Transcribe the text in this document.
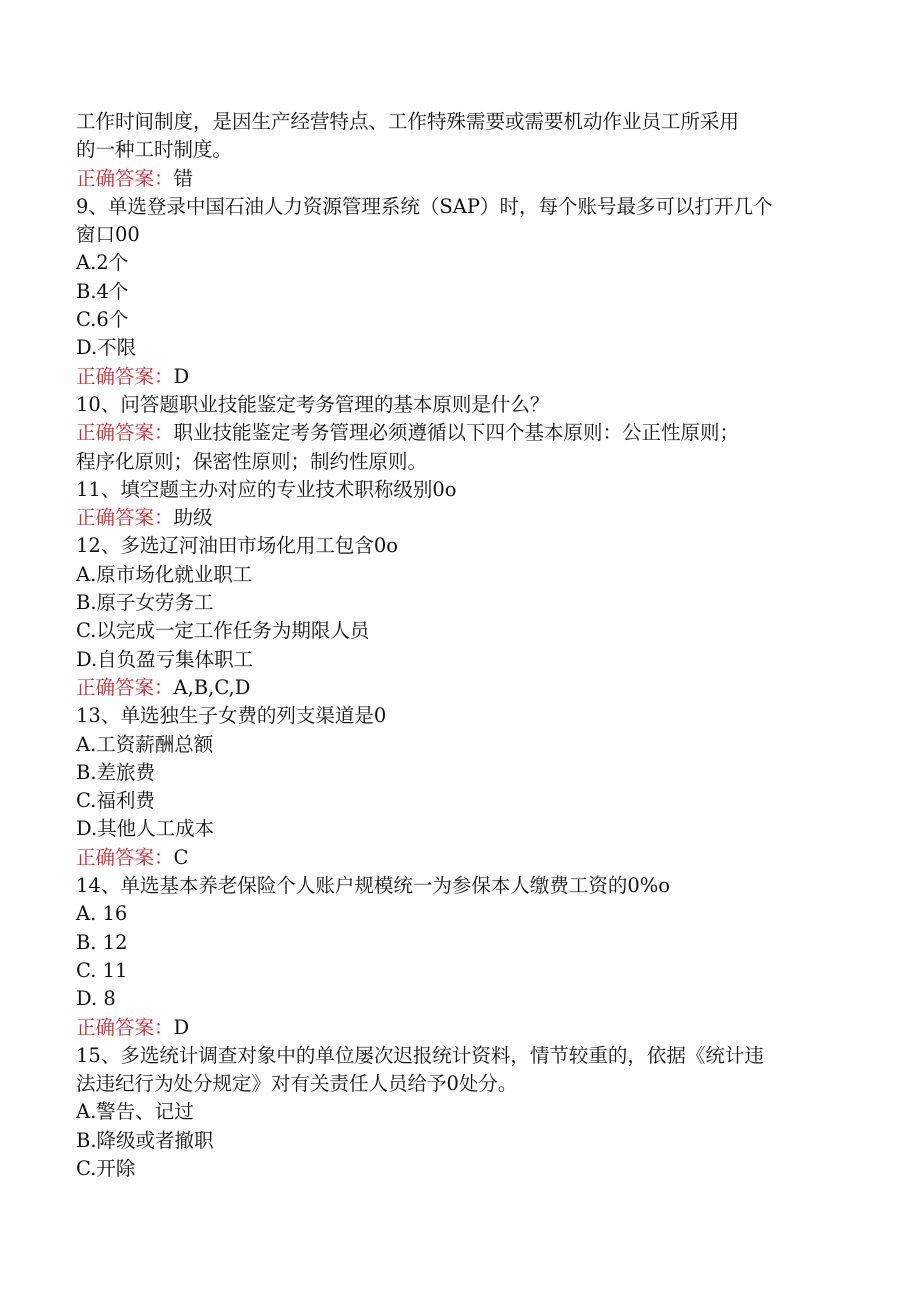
工作时间制度，是因生产经营特点、工作特殊需要或需要机动作业员工所采用
的一种工时制度。
正确答案：错
9、单选登录中国石油人力资源管理系统（SAP）时，每个账号最多可以打开几个
窗口00
A.2个
B.4个
C.6个
D.不限
正确答案：D
10、问答题职业技能鉴定考务管理的基本原则是什么？
正确答案：职业技能鉴定考务管理必须遵循以下四个基本原则：公正性原则；
程序化原则；保密性原则；制约性原则。
11、填空题主办对应的专业技术职称级别0o
正确答案：助级
12、多选辽河油田市场化用工包含0o
A.原市场化就业职工
B.原子女劳务工
C.以完成一定工作任务为期限人员
D.自负盈亏集体职工
正确答案：A,B,C,D
13、单选独生子女费的列支渠道是0
A.工资薪酬总额
B.差旅费
C.福利费
D.其他人工成本
正确答案：C
14、单选基本养老保险个人账户规模统一为参保本人缴费工资的0%o
A. 16
B. 12
C. 11
D. 8
正确答案：D
15、多选统计调查对象中的单位屡次迟报统计资料，情节较重的，依据《统计违
法违纪行为处分规定》对有关责任人员给予0处分。
A.警告、记过
B.降级或者撤职
C.开除
